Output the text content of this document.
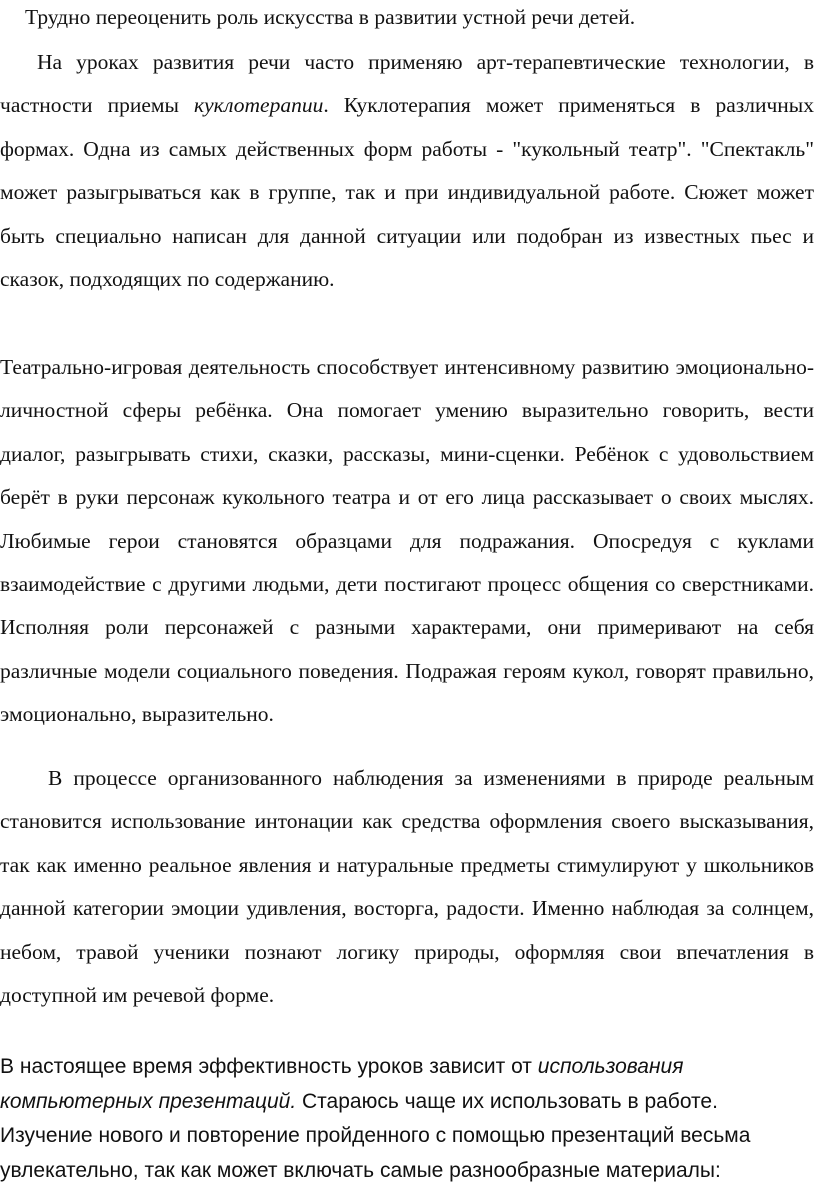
Трудно переоценить роль искусства в развитии устной речи детей.

На уроках развития речи часто применяю арт-терапевтические технологии, в частности приемы куклотерапии. Куклотерапия может применяться в различных формах. Одна из самых действенных форм работы - "кукольный театр". "Спектакль" может разыгрываться как в группе, так и при индивидуальной работе. Сюжет может быть специально написан для данной ситуации или подобран из известных пьес и сказок, подходящих по содержанию.

Театрально-игровая деятельность способствует интенсивному развитию эмоционально-личностной сферы ребёнка. Она помогает умению выразительно говорить, вести диалог, разыгрывать стихи, сказки, рассказы, мини-сценки. Ребёнок с удовольствием берёт в руки персонаж кукольного театра и от его лица рассказывает о своих мыслях. Любимые герои становятся образцами для подражания. Опосредуя с куклами взаимодействие с другими людьми, дети постигают процесс общения со сверстниками. Исполняя роли персонажей с разными характерами, они примеривают на себя различные модели социального поведения. Подражая героям кукол, говорят правильно, эмоционально, выразительно.

В процессе организованного наблюдения за изменениями в природе реальным становится использование интонации как средства оформления своего высказывания, так как именно реальное явления и натуральные предметы стимулируют у школьников данной категории эмоции удивления, восторга, радости. Именно наблюдая за солнцем, небом, травой ученики познают логику природы, оформляя свои впечатления в доступной им речевой форме.

В настоящее время эффективность уроков зависит от использования компьютерных презентаций. Стараюсь чаще их использовать в работе. Изучение нового и повторение пройденного с помощью презентаций весьма увлекательно, так как может включать самые разнообразные материалы:
